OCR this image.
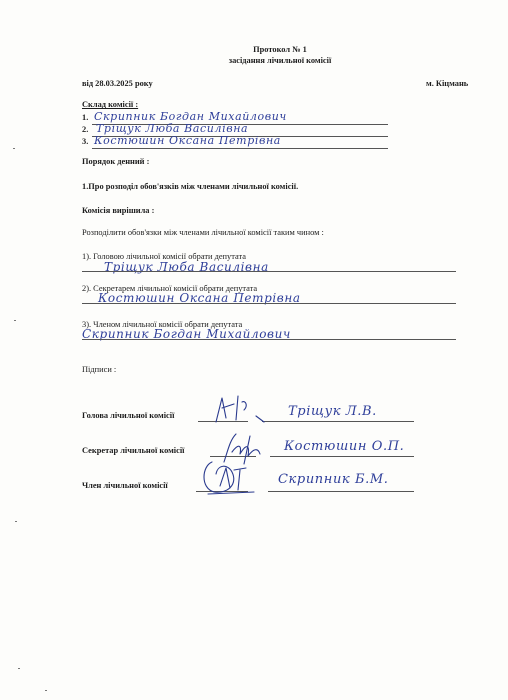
Протокол № 1
засідання лічильної комісії
від 28.03.2025 року	м. Кіцмань
Склад комісії :
1. Скрипник Богдан Михайлович
2. Тріщук Люба Василівна
3. Костюшин Оксана Петрівна
Порядок денний :
1.Про розподіл обов'язків між членами лічильної комісії.
Комісія вирішила :
Розподілити обов'язки між членами лічильної комісії таким чином :
1). Головою лічильної комісії обрати депутата
Тріщук Люба Василівна
2). Секретарем лічильної комісії обрати депутата
Костюшин Оксана Петрівна
3). Членом лічильної комісії обрати депутата
Скрипник Богдан Михайлович
Підписи :
Голова лічильної комісії	Тріщук Л.В.
Секретар лічильної комісії	Костюшин О.П.
Член лічильної комісії	Скрипник Б.М.
